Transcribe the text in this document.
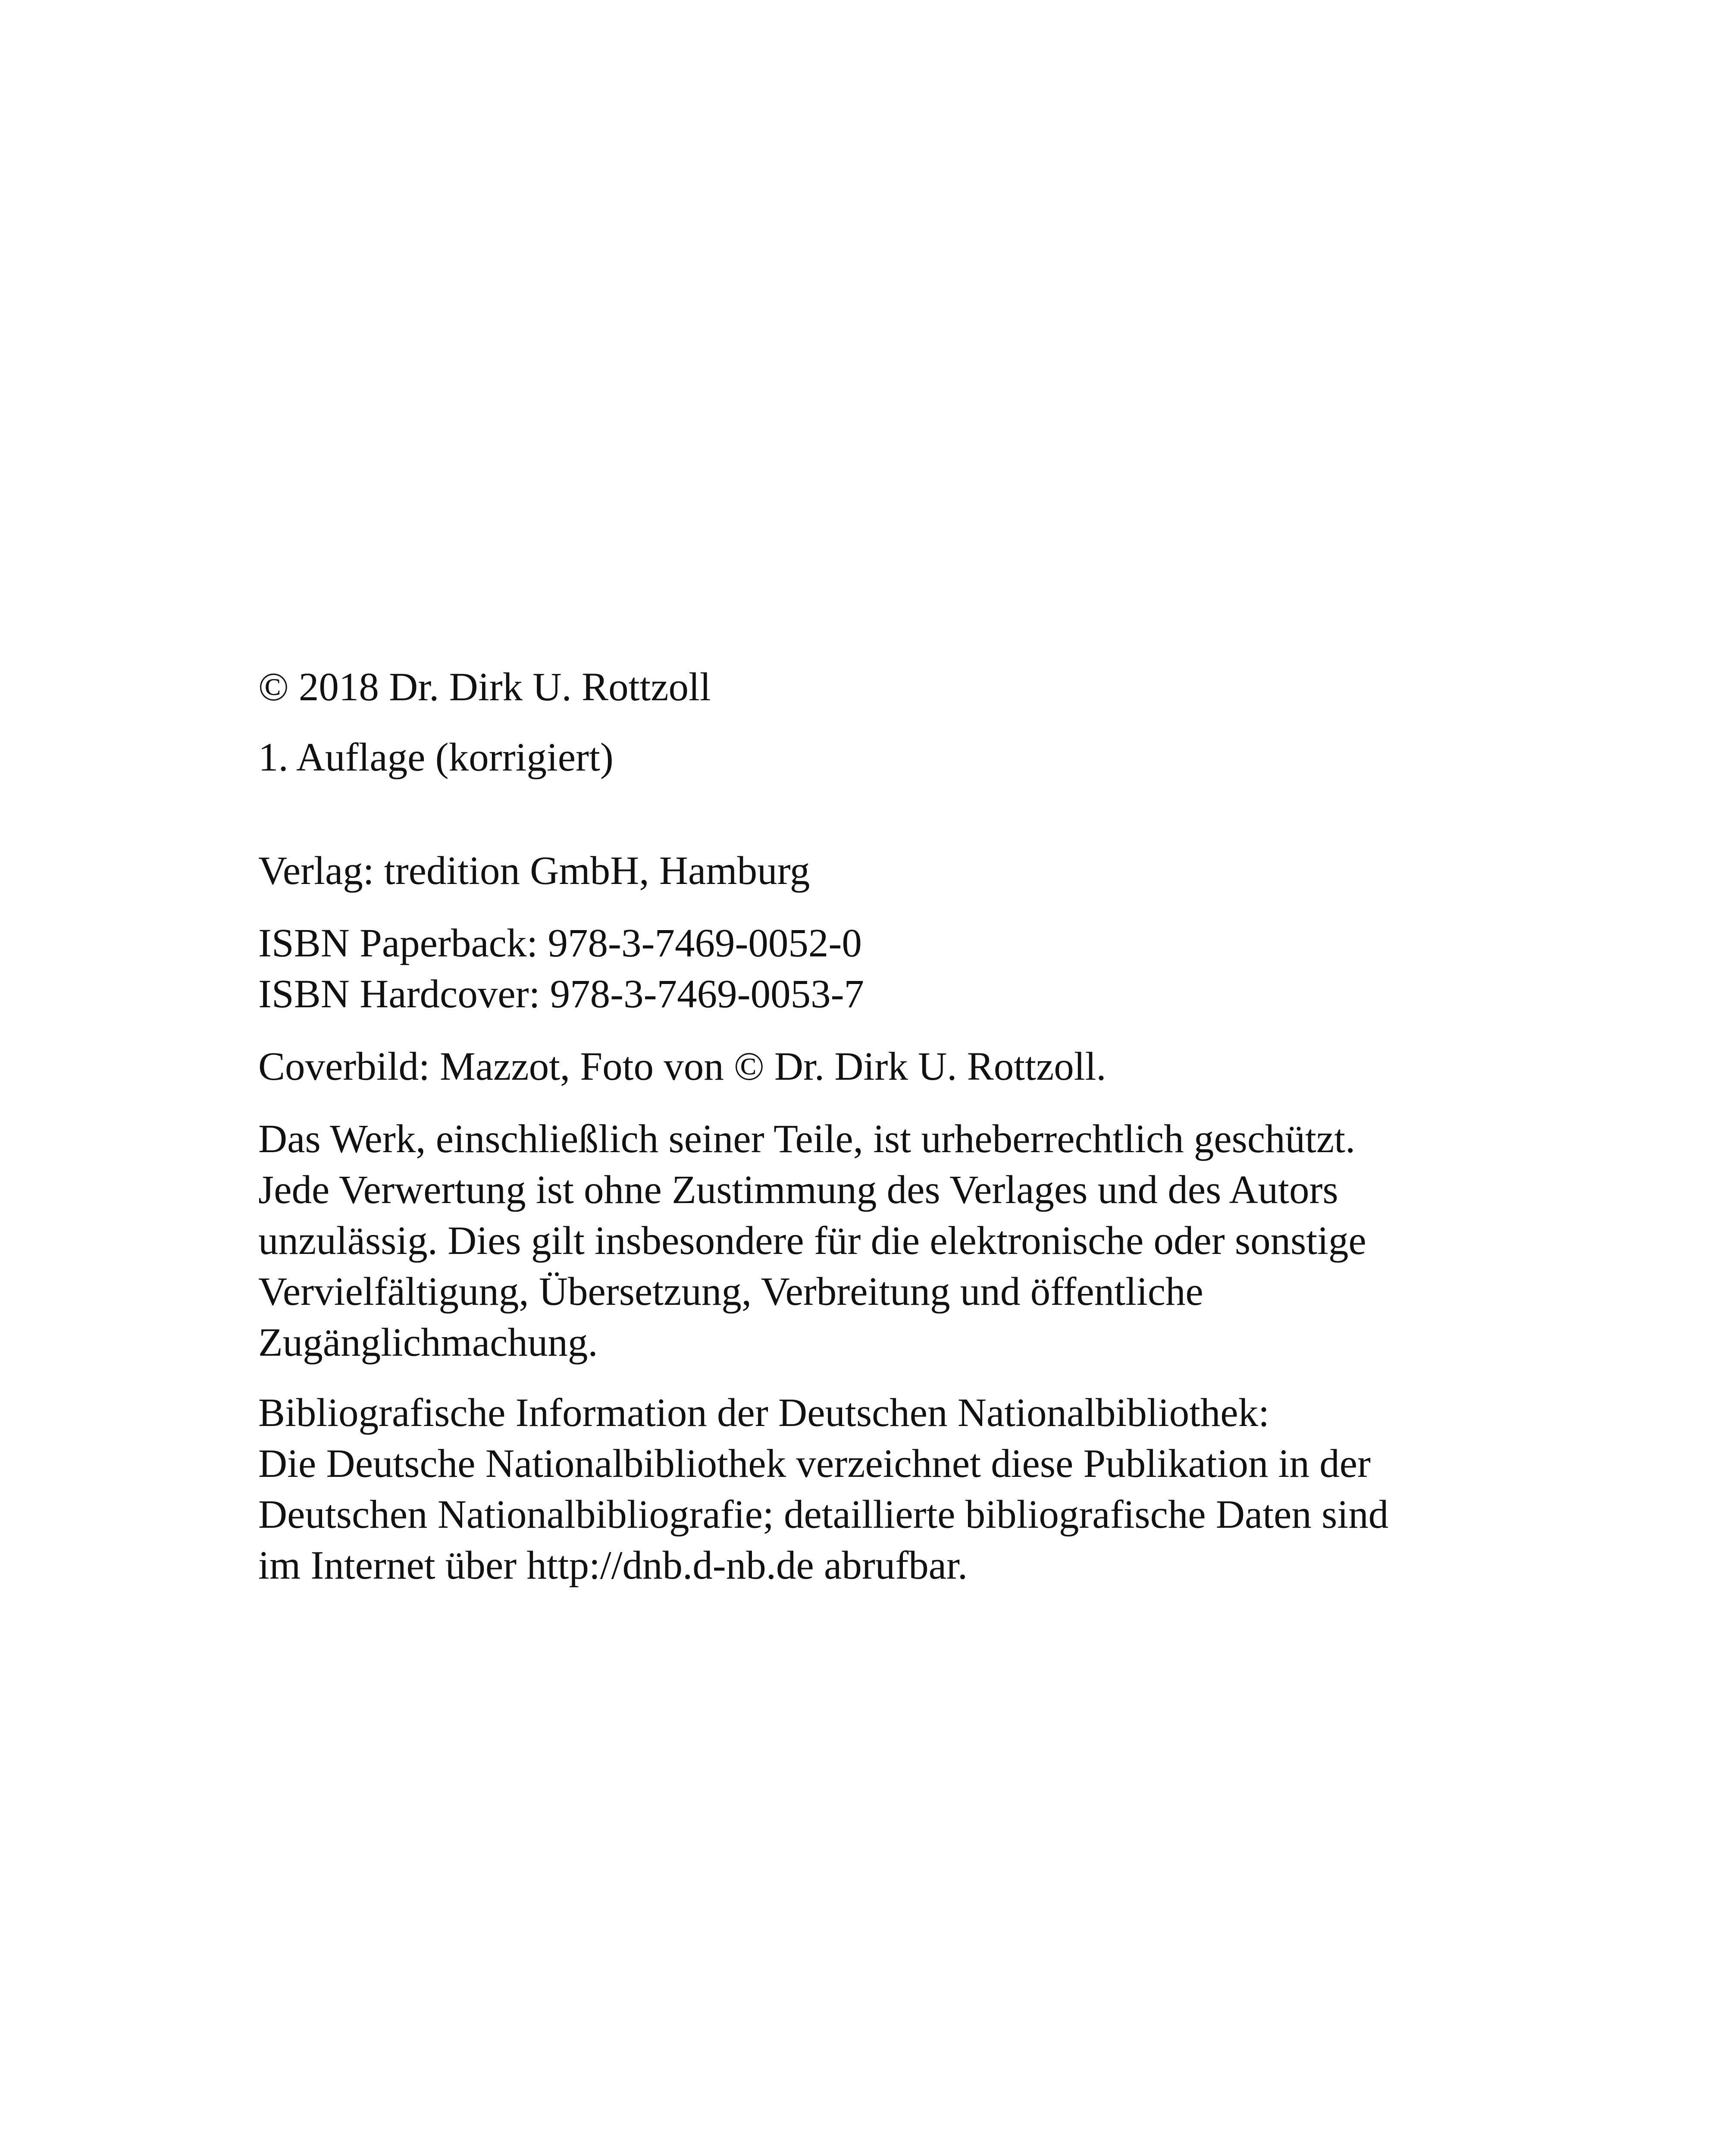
© 2018 Dr. Dirk U. Rottzoll

1. Auflage (korrigiert)

Verlag: tredition GmbH, Hamburg

ISBN Paperback: 978-3-7469-0052-0

ISBN Hardcover: 978-3-7469-0053-7

Coverbild: Mazzot, Foto von © Dr. Dirk U. Rottzoll.

Das Werk, einschließlich seiner Teile, ist urheberrechtlich geschützt.

Jede Verwertung ist ohne Zustimmung des Verlages und des Autors

unzulässig. Dies gilt insbesondere für die elektronische oder sonstige

Vervielfältigung, Übersetzung, Verbreitung und öffentliche

Zugänglichmachung.

Bibliografische Information der Deutschen Nationalbibliothek:

Die Deutsche Nationalbibliothek verzeichnet diese Publikation in der

Deutschen Nationalbibliografie; detaillierte bibliografische Daten sind

im Internet über http://dnb.d-nb.de abrufbar.
